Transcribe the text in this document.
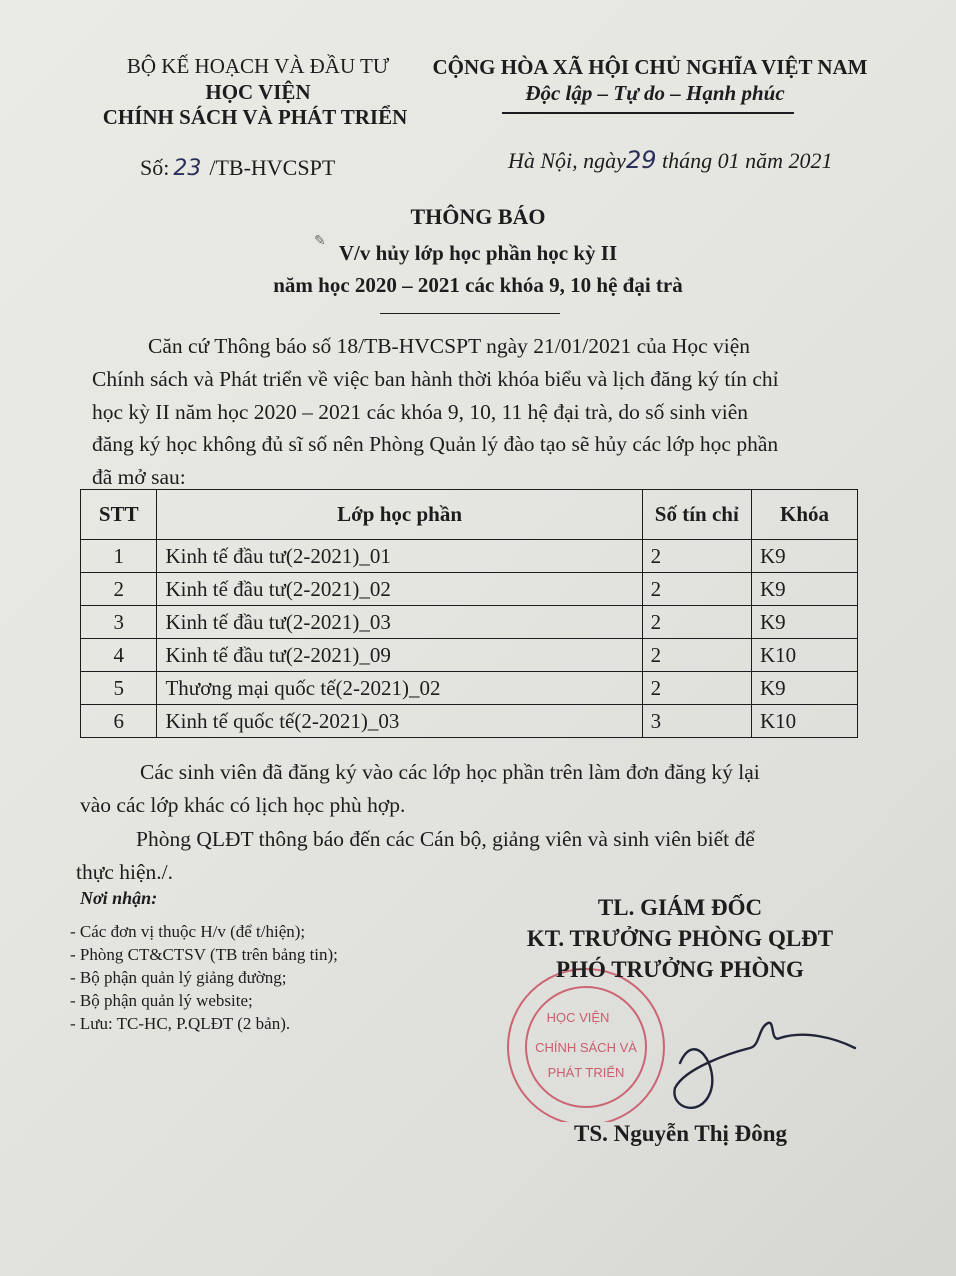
BỘ KẾ HOẠCH VÀ ĐẦU TƯ
HỌC VIỆN
CHÍNH SÁCH VÀ PHÁT TRIỂN
CỘNG HÒA XÃ HỘI CHỦ NGHĨA VIỆT NAM
Độc lập – Tự do – Hạnh phúc
Số: 23 /TB-HVCSPT	Hà Nội, ngày29 tháng 01 năm 2021
THÔNG BÁO
✎ V/v hủy lớp học phần học kỳ II
năm học 2020 – 2021 các khóa 9, 10 hệ đại trà
Căn cứ Thông báo số 18/TB-HVCSPT ngày 21/01/2021 của Học viện
Chính sách và Phát triển về việc ban hành thời khóa biểu và lịch đăng ký tín chỉ
học kỳ II năm học 2020 – 2021 các khóa 9, 10, 11 hệ đại trà, do số sinh viên
đăng ký học không đủ sĩ số nên Phòng Quản lý đào tạo sẽ hủy các lớp học phần
đã mở sau:
STT	Lớp học phần	Số tín chỉ	Khóa
1	Kinh tế đầu tư(2-2021)_01	2	K9
2	Kinh tế đầu tư(2-2021)_02	2	K9
3	Kinh tế đầu tư(2-2021)_03	2	K9
4	Kinh tế đầu tư(2-2021)_09	2	K10
5	Thương mại quốc tế(2-2021)_02	2	K9
6	Kinh tế quốc tế(2-2021)_03	3	K10
Các sinh viên đã đăng ký vào các lớp học phần trên làm đơn đăng ký lại
vào các lớp khác có lịch học phù hợp.
Phòng QLĐT thông báo đến các Cán bộ, giảng viên và sinh viên biết để
thực hiện./.
Nơi nhận:
- Các đơn vị thuộc H/v (để t/hiện);
- Phòng CT&CTSV (TB trên bảng tin);
- Bộ phận quản lý giảng đường;
- Bộ phận quản lý website;
- Lưu: TC-HC, P.QLĐT (2 bản).	HỌC VIỆN
CHÍNH SÁCH VÀ
PHÁT TRIỂN
TL. GIÁM ĐỐC
KT. TRƯỞNG PHÒNG QLĐT
PHÓ TRƯỞNG PHÒNG
TS. Nguyễn Thị Đông
